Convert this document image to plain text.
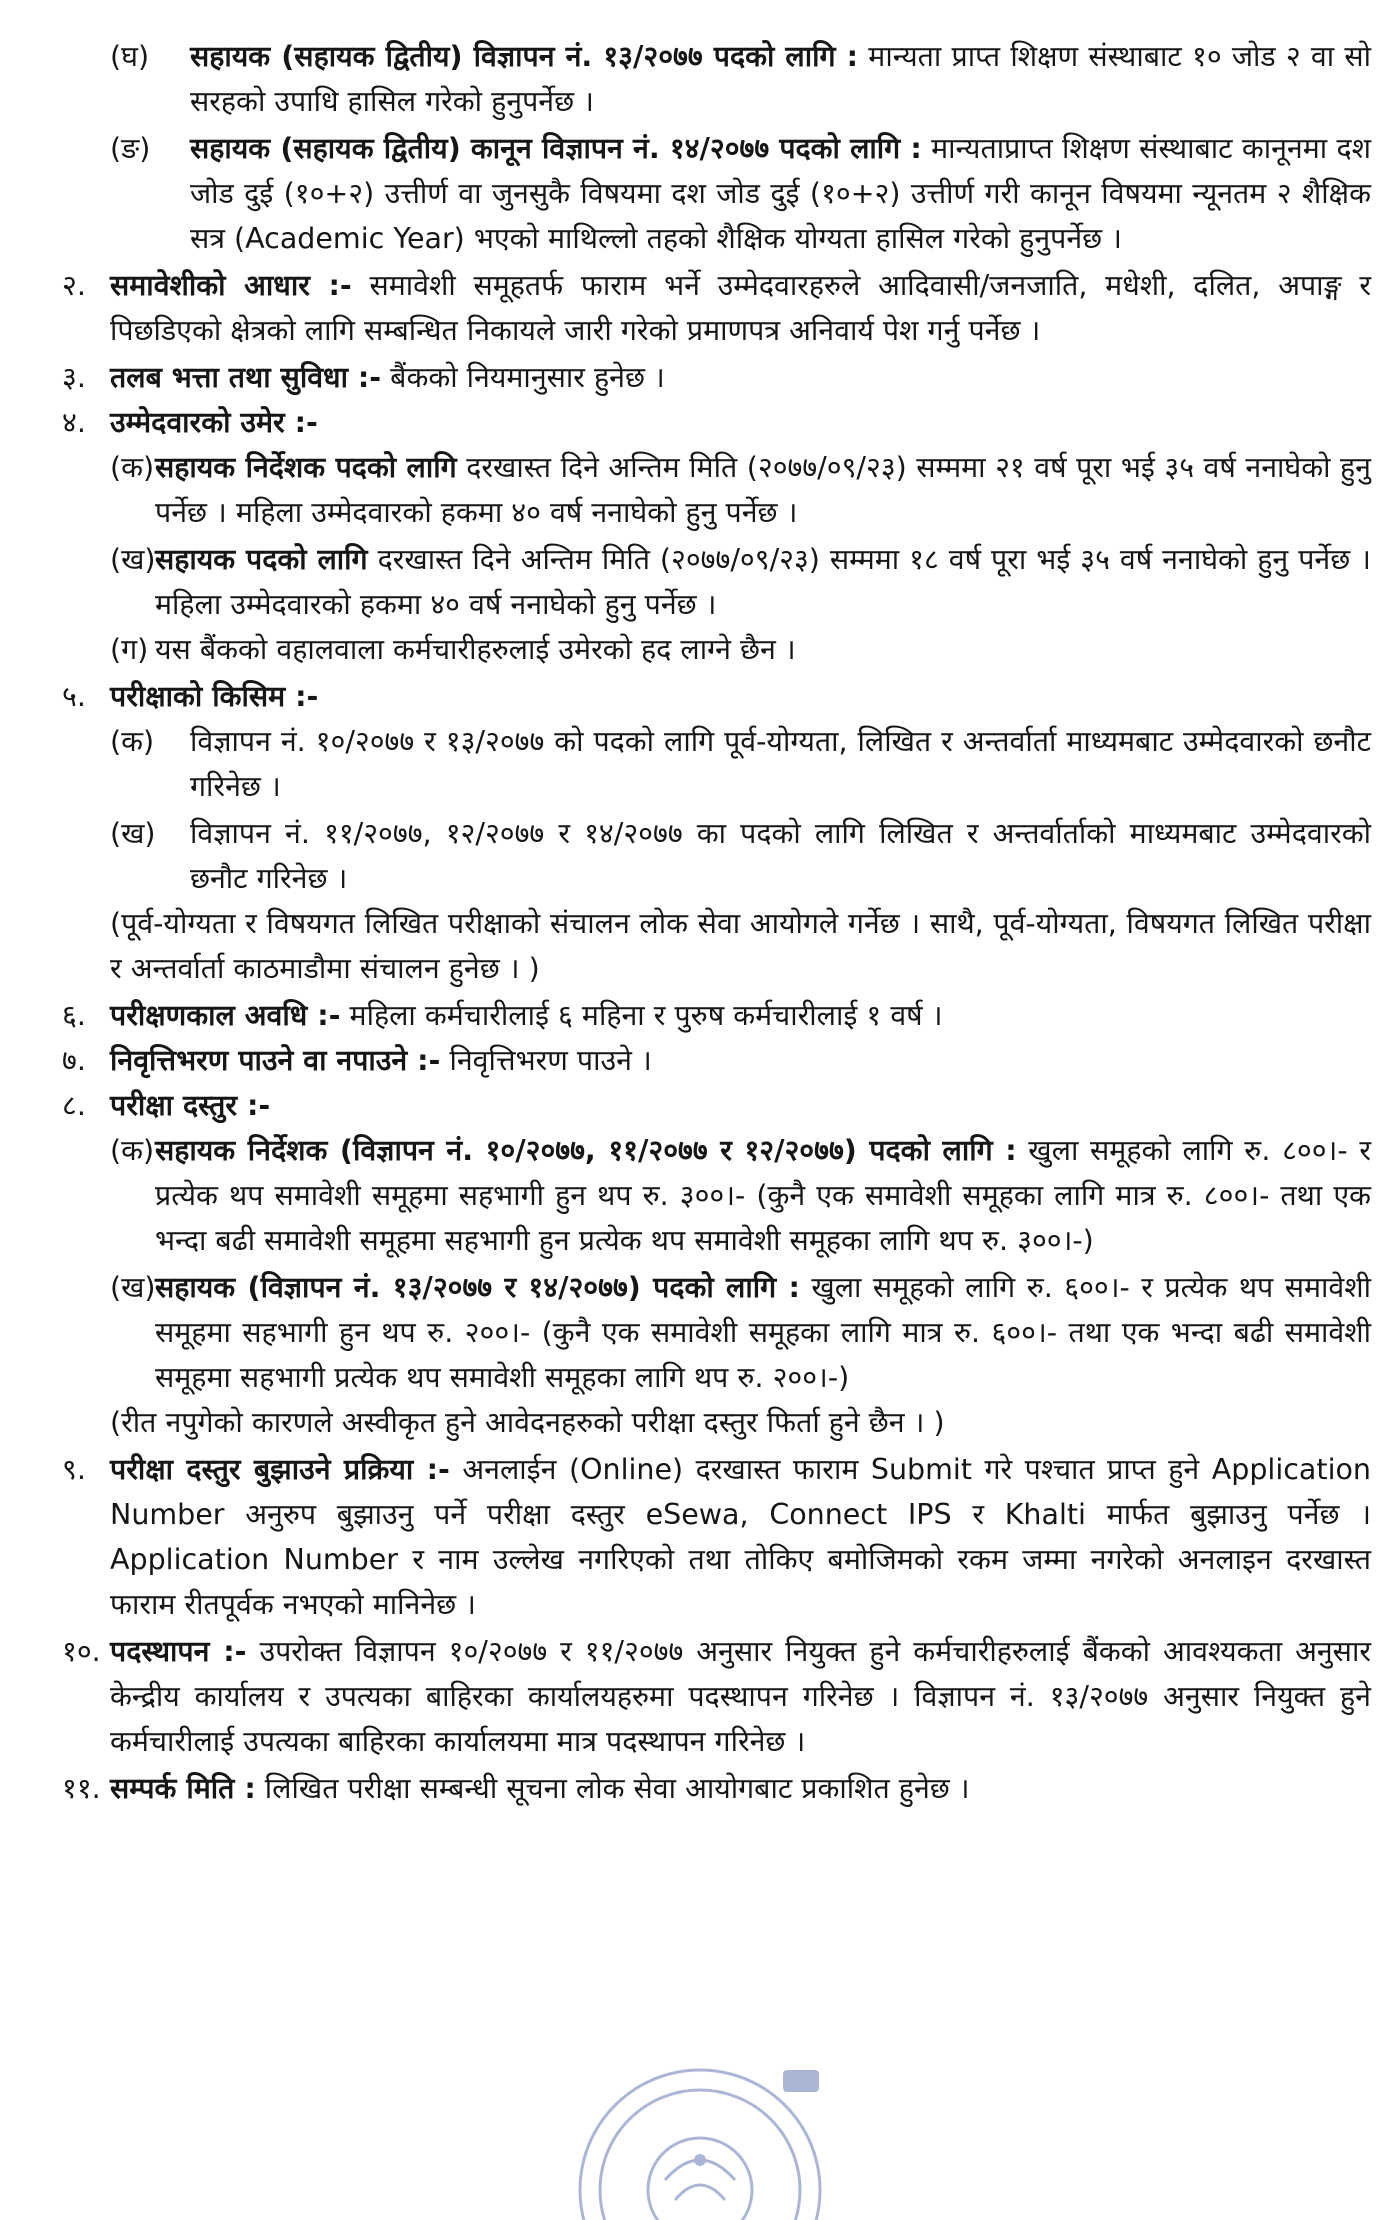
(घ) सहायक (सहायक द्वितीय) विज्ञापन नं. १३/२०७७ पदको लागि : मान्यता प्राप्त शिक्षण संस्थाबाट १० जोड २ वा सो सरहको उपाधि हासिल गरेको हुनुपर्नेछ ।
(ङ) सहायक (सहायक द्वितीय) कानून विज्ञापन नं. १४/२०७७ पदको लागि : मान्यताप्राप्त शिक्षण संस्थाबाट कानूनमा दश जोड दुई (१०+२) उत्तीर्ण वा जुनसुकै विषयमा दश जोड दुई (१०+२) उत्तीर्ण गरी कानून विषयमा न्यूनतम २ शैक्षिक सत्र (Academic Year) भएको माथिल्लो तहको शैक्षिक योग्यता हासिल गरेको हुनुपर्नेछ ।
२. समावेशीको आधार :- समावेशी समूहतर्फ फाराम भर्ने उम्मेदवारहरुले आदिवासी/जनजाति, मधेशी, दलित, अपाङ्ग र पिछडिएको क्षेत्रको लागि सम्बन्धित निकायले जारी गरेको प्रमाणपत्र अनिवार्य पेश गर्नु पर्नेछ ।
३. तलब भत्ता तथा सुविधा :- बैंकको नियमानुसार हुनेछ ।
४. उम्मेदवारको उमेर :-
(क) सहायक निर्देशक पदको लागि दरखास्त दिने अन्तिम मिति (२०७७/०९/२३) सम्ममा २१ वर्ष पूरा भई ३५ वर्ष ननाघेको हुनु पर्नेछ । महिला उम्मेदवारको हकमा ४० वर्ष ननाघेको हुनु पर्नेछ ।
(ख) सहायक पदको लागि दरखास्त दिने अन्तिम मिति (२०७७/०९/२३) सम्ममा १८ वर्ष पूरा भई ३५ वर्ष ननाघेको हुनु पर्नेछ । महिला उम्मेदवारको हकमा ४० वर्ष ननाघेको हुनु पर्नेछ ।
(ग) यस बैंकको वहालवाला कर्मचारीहरुलाई उमेरको हद लाग्ने छैन ।
५. परीक्षाको किसिम :-
(क) विज्ञापन नं. १०/२०७७ र १३/२०७७ को पदको लागि पूर्व-योग्यता, लिखित र अन्तर्वार्ता माध्यमबाट उम्मेदवारको छनौट गरिनेछ ।
(ख) विज्ञापन नं. ११/२०७७, १२/२०७७ र १४/२०७७ का पदको लागि लिखित र अन्तर्वार्ताको माध्यमबाट उम्मेदवारको छनौट गरिनेछ ।
(पूर्व-योग्यता र विषयगत लिखित परीक्षाको संचालन लोक सेवा आयोगले गर्नेछ । साथै, पूर्व-योग्यता, विषयगत लिखित परीक्षा र अन्तर्वार्ता काठमाडौमा संचालन हुनेछ । )
६. परीक्षणकाल अवधि :- महिला कर्मचारीलाई ६ महिना र पुरुष कर्मचारीलाई १ वर्ष ।
७. निवृत्तिभरण पाउने वा नपाउने :- निवृत्तिभरण पाउने ।
८. परीक्षा दस्तुर :-
(क) सहायक निर्देशक (विज्ञापन नं. १०/२०७७, ११/२०७७ र १२/२०७७) पदको लागि : खुला समूहको लागि रु. ८००।- र प्रत्येक थप समावेशी समूहमा सहभागी हुन थप रु. ३००।- (कुनै एक समावेशी समूहका लागि मात्र रु. ८००।- तथा एक भन्दा बढी समावेशी समूहमा सहभागी हुन प्रत्येक थप समावेशी समूहका लागि थप रु. ३००।-)
(ख) सहायक (विज्ञापन नं. १३/२०७७ र १४/२०७७) पदको लागि : खुला समूहको लागि रु. ६००।- र प्रत्येक थप समावेशी समूहमा सहभागी हुन थप रु. २००।- (कुनै एक समावेशी समूहका लागि मात्र रु. ६००।- तथा एक भन्दा बढी समावेशी समूहमा सहभागी प्रत्येक थप समावेशी समूहका लागि थप रु. २००।-)
(रीत नपुगेको कारणले अस्वीकृत हुने आवेदनहरुको परीक्षा दस्तुर फिर्ता हुने छैन । )
९. परीक्षा दस्तुर बुझाउने प्रक्रिया :- अनलाईन (Online) दरखास्त फाराम Submit गरे पश्चात प्राप्त हुने Application Number अनुरुप बुझाउनु पर्ने परीक्षा दस्तुर eSewa, Connect IPS र Khalti मार्फत बुझाउनु पर्नेछ । Application Number र नाम उल्लेख नगरिएको तथा तोकिए बमोजिमको रकम जम्मा नगरेको अनलाइन दरखास्त फाराम रीतपूर्वक नभएको मानिनेछ ।
१०. पदस्थापन :- उपरोक्त विज्ञापन १०/२०७७ र ११/२०७७ अनुसार नियुक्त हुने कर्मचारीहरुलाई बैंकको आवश्यकता अनुसार केन्द्रीय कार्यालय र उपत्यका बाहिरका कार्यालयहरुमा पदस्थापन गरिनेछ । विज्ञापन नं. १३/२०७७ अनुसार नियुक्त हुने कर्मचारीलाई उपत्यका बाहिरका कार्यालयमा मात्र पदस्थापन गरिनेछ ।
११. सम्पर्क मिति : लिखित परीक्षा सम्बन्धी सूचना लोक सेवा आयोगबाट प्रकाशित हुनेछ ।
